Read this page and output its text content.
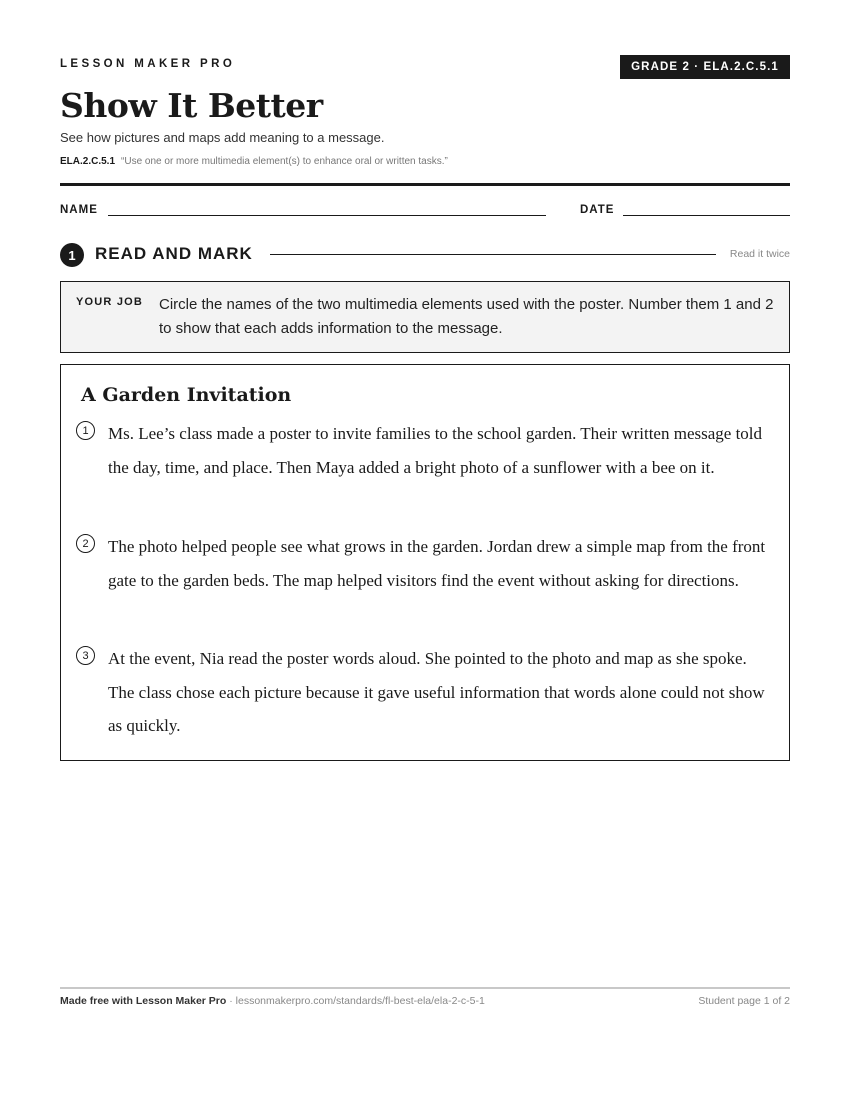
LESSON MAKER PRO	GRADE 2 · ELA.2.C.5.1
Show It Better
See how pictures and maps add meaning to a message.
ELA.2.C.5.1 “Use one or more multimedia element(s) to enhance oral or written tasks.”
NAME	DATE
1	READ AND MARK	Read it twice
YOUR JOB Circle the names of the two multimedia elements used with the poster. Number them 1 and 2 to show that each adds information to the message.
A Garden Invitation
1	Ms. Lee’s class made a poster to invite families to the school garden. Their written message told the day, time, and place. Then Maya added a bright photo of a sunflower with a bee on it.
2	The photo helped people see what grows in the garden. Jordan drew a simple map from the front gate to the garden beds. The map helped visitors find the event without asking for directions.
3	At the event, Nia read the poster words aloud. She pointed to the photo and map as she spoke. The class chose each picture because it gave useful information that words alone could not show as quickly.
Made free with Lesson Maker Pro · lessonmakerpro.com/standards/fl-best-ela/ela-2-c-5-1	Student page 1 of 2
